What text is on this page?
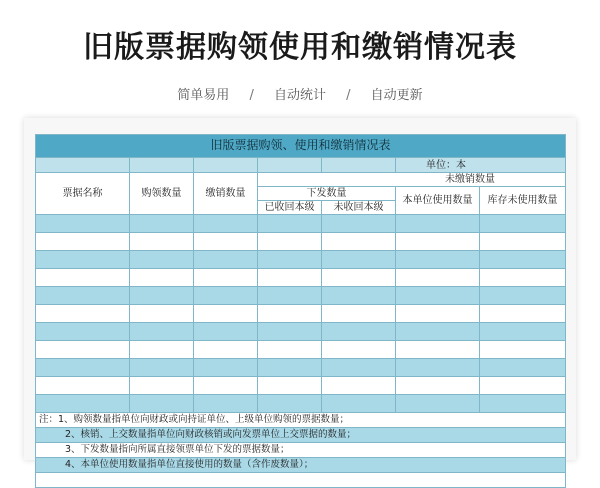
旧版票据购领使用和缴销情况表
简单易用 / 自动统计 / 自动更新
旧版票据购领、使用和缴销情况表						
					单位：本	
票据名称	购领数量	缴销数量	未缴销数量			
			下发数量		本单位使用数量	库存未使用数量
			已收回本级	未收回本级		

注：1、购领数量指单位向财政或向持证单位、上级单位购领的票据数量；						
2、核销、上交数量指单位向财政核销或向发票单位上交票据的数量；						
3、下发数量指向所属直接领票单位下发的票据数量；						
4、本单位使用数量指单位直接使用的数量（含作废数量）；						
